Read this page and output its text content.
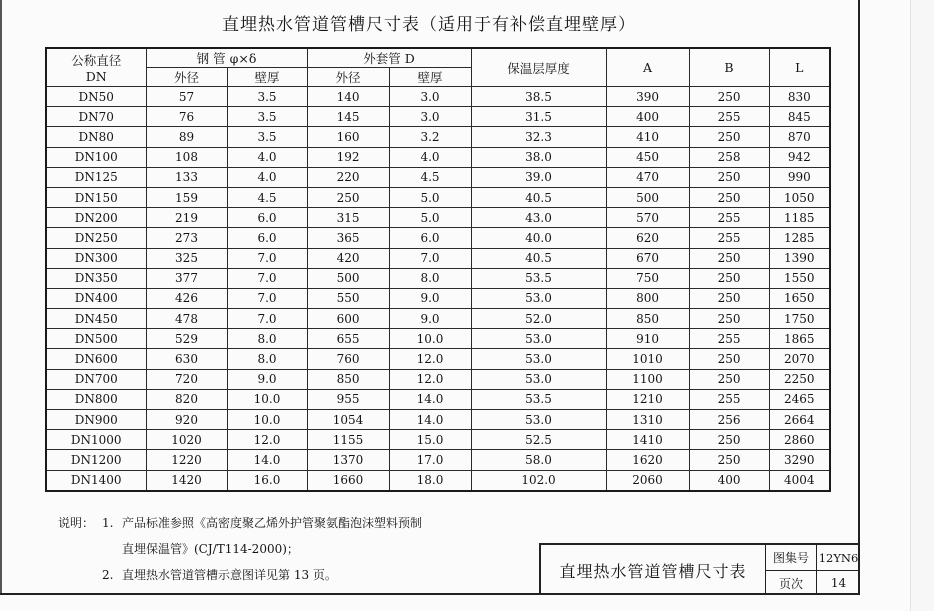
直埋热水管道管槽尺寸表（适用于有补偿直埋壁厚）
公称直径
DN	钢 管 φ×δ		外套管 D		保温层厚度	A	B	L
	外径	壁厚	外径	壁厚				
DN50	57	3.5	140	3.0	38.5	390	250	830
DN70	76	3.5	145	3.0	31.5	400	255	845
DN80	89	3.5	160	3.2	32.3	410	250	870
DN100	108	4.0	192	4.0	38.0	450	258	942
DN125	133	4.0	220	4.5	39.0	470	250	990
DN150	159	4.5	250	5.0	40.5	500	250	1050
DN200	219	6.0	315	5.0	43.0	570	255	1185
DN250	273	6.0	365	6.0	40.0	620	255	1285
DN300	325	7.0	420	7.0	40.5	670	250	1390
DN350	377	7.0	500	8.0	53.5	750	250	1550
DN400	426	7.0	550	9.0	53.0	800	250	1650
DN450	478	7.0	600	9.0	52.0	850	250	1750
DN500	529	8.0	655	10.0	53.0	910	255	1865
DN600	630	8.0	760	12.0	53.0	1010	250	2070
DN700	720	9.0	850	12.0	53.0	1100	250	2250
DN800	820	10.0	955	14.0	53.5	1210	255	2465
DN900	920	10.0	1054	14.0	53.0	1310	256	2664
DN1000	1020	12.0	1155	15.0	52.5	1410	250	2860
DN1200	1220	14.0	1370	17.0	58.0	1620	250	3290
DN1400	1420	16.0	1660	18.0	102.0	2060	400	4004
说明： 1. 产品标准参照《高密度聚乙烯外护管聚氨酯泡沫塑料预制
直埋保温管》(CJ/T114-2000)；
2. 直埋热水管道管槽示意图详见第 13 页。	直埋热水管道管槽尺寸表
图集号 12YN6
页次	14
